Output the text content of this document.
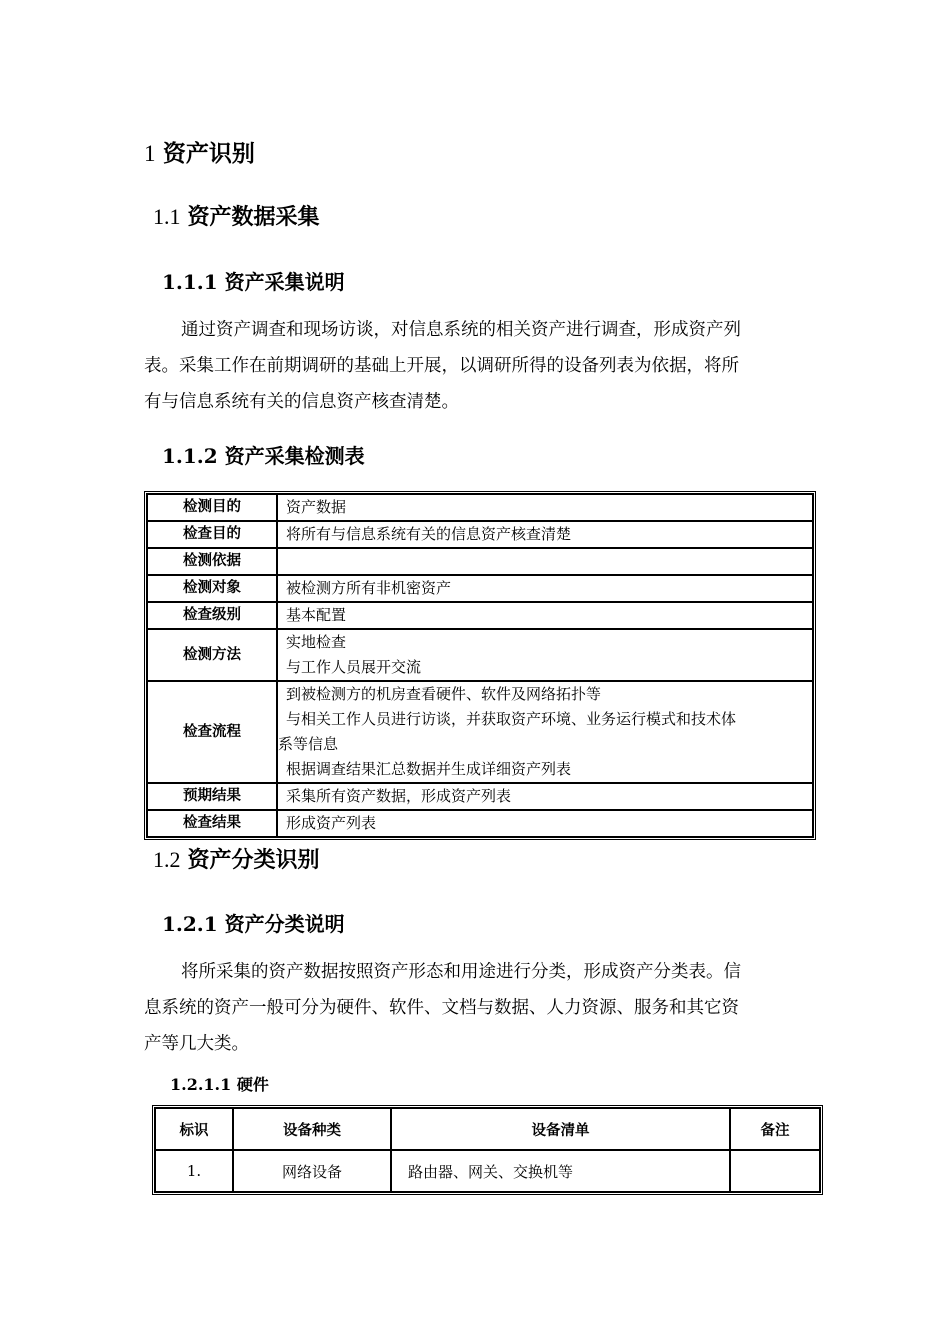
1 资产识别
1.1 资产数据采集
1.1.1 资产采集说明

通过资产调查和现场访谈，对信息系统的相关资产进行调查，形成资产列

表。采集工作在前期调研的基础上开展，以调研所得的设备列表为依据，将所

有与信息系统有关的信息资产核查清楚。

1.1.2 资产采集检测表
检测目的	资产数据

检查目的	将所有与信息系统有关的信息资产核查清楚

检测依据	

检测对象	被检测方所有非机密资产

检查级别	基本配置

检测方法	实地检查
与工作人员展开交流

检查流程	到被检测方的机房查看硬件、软件及网络拓扑等
与相关工作人员进行访谈，并获取资产环境、业务运行模式和技术体
系等信息
根据调查结果汇总数据并生成详细资产列表

预期结果	采集所有资产数据，形成资产列表

检查结果	形成资产列表
1.2 资产分类识别
1.2.1 资产分类说明

将所采集的资产数据按照资产形态和用途进行分类，形成资产分类表。信

息系统的资产一般可分为硬件、软件、文档与数据、人力资源、服务和其它资

产等几大类。

1.2.1.1 硬件
标识	设备种类	设备清单	备注
1.	网络设备	路由器、网关、交换机等	
